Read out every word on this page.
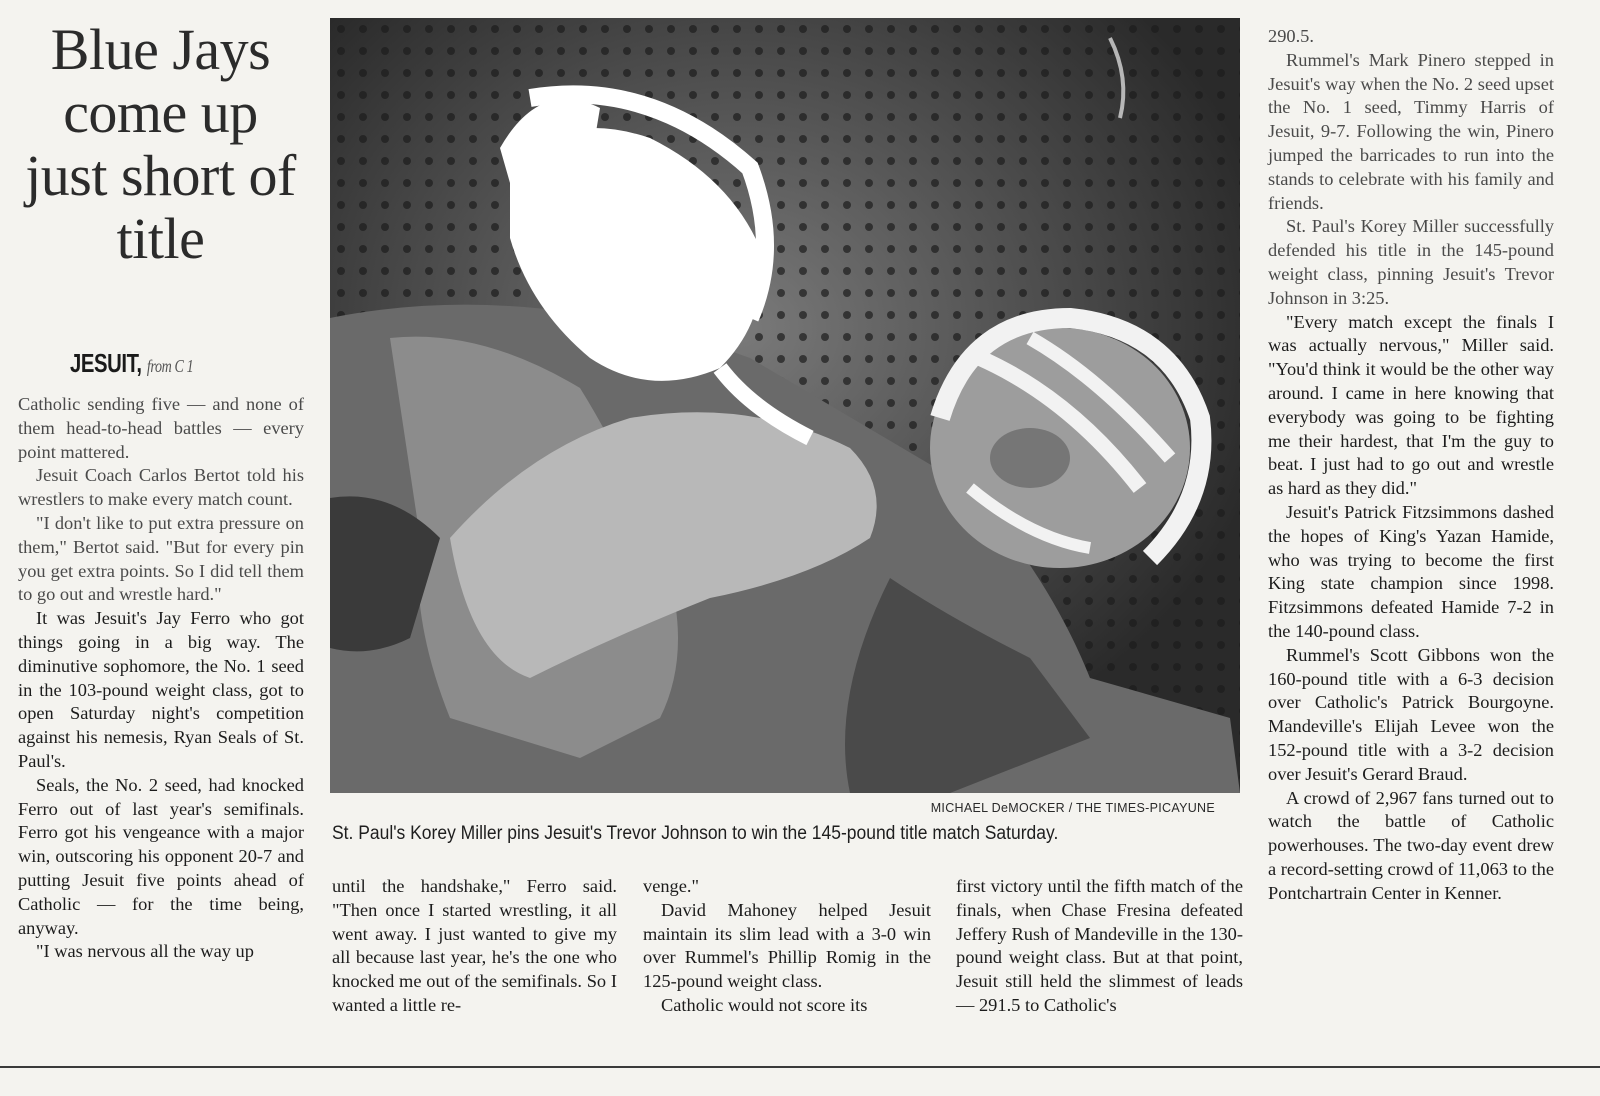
Blue Jays come up just short of title
JESUIT, from C 1

Catholic sending five — and none of them head-to-head battles — every point mattered.

Jesuit Coach Carlos Bertot told his wrestlers to make every match count.

"I don't like to put extra pressure on them," Bertot said. "But for every pin you get extra points. So I did tell them to go out and wrestle hard."

It was Jesuit's Jay Ferro who got things going in a big way. The diminutive sophomore, the No. 1 seed in the 103-pound weight class, got to open Saturday night's competition against his nemesis, Ryan Seals of St. Paul's.

Seals, the No. 2 seed, had knocked Ferro out of last year's semifinals. Ferro got his vengeance with a major win, outscoring his opponent 20-7 and putting Jesuit five points ahead of Catholic — for the time being, anyway.

"I was nervous all the way up

MICHAEL DeMOCKER / THE TIMES-PICAYUNE
St. Paul's Korey Miller pins Jesuit's Trevor Johnson to win the 145-pound title match Saturday.

until the handshake," Ferro said. "Then once I started wrestling, it all went away. I just wanted to give my all because last year, he's the one who knocked me out of the semifinals. So I wanted a little re-

venge."

David Mahoney helped Jesuit maintain its slim lead with a 3-0 win over Rummel's Phillip Romig in the 125-pound weight class.

Catholic would not score its

first victory until the fifth match of the finals, when Chase Fresina defeated Jeffery Rush of Mandeville in the 130-pound weight class. But at that point, Jesuit still held the slimmest of leads — 291.5 to Catholic's

290.5.

Rummel's Mark Pinero stepped in Jesuit's way when the No. 2 seed upset the No. 1 seed, Timmy Harris of Jesuit, 9-7. Following the win, Pinero jumped the barricades to run into the stands to celebrate with his family and friends.

St. Paul's Korey Miller successfully defended his title in the 145-pound weight class, pinning Jesuit's Trevor Johnson in 3:25.

"Every match except the finals I was actually nervous," Miller said. "You'd think it would be the other way around. I came in here knowing that everybody was going to be fighting me their hardest, that I'm the guy to beat. I just had to go out and wrestle as hard as they did."

Jesuit's Patrick Fitzsimmons dashed the hopes of King's Yazan Hamide, who was trying to become the first King state champion since 1998. Fitzsimmons defeated Hamide 7-2 in the 140-pound class.

Rummel's Scott Gibbons won the 160-pound title with a 6-3 decision over Catholic's Patrick Bourgoyne. Mandeville's Elijah Levee won the 152-pound title with a 3-2 decision over Jesuit's Gerard Braud.

A crowd of 2,967 fans turned out to watch the battle of Catholic powerhouses. The two-day event drew a record-setting crowd of 11,063 to the Pontchartrain Center in Kenner.
